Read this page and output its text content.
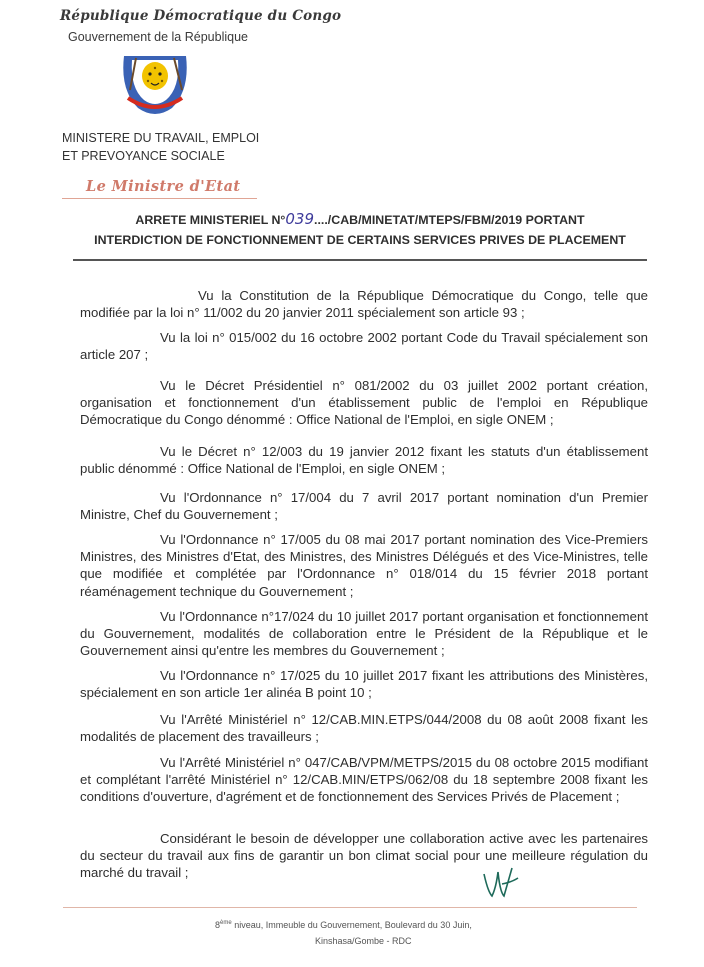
République Démocratique du Congo
Gouvernement de la République
MINISTERE DU TRAVAIL, EMPLOI
ET PREVOYANCE SOCIALE
Le Ministre d'Etat
ARRETE MINISTERIEL N°039..../CAB/MINETAT/MTEPS/FBM/2019 PORTANT
INTERDICTION DE FONCTIONNEMENT DE CERTAINS SERVICES PRIVES DE PLACEMENT
Vu la Constitution de la République Démocratique du Congo, telle que modifiée par la loi n° 11/002 du 20 janvier 2011 spécialement son article 93 ;
Vu la loi n° 015/002 du 16 octobre 2002 portant Code du Travail spécialement son article 207 ;
Vu le Décret Présidentiel n° 081/2002 du 03 juillet 2002 portant création, organisation et fonctionnement d'un établissement public de l'emploi en République Démocratique du Congo dénommé : Office National de l'Emploi, en sigle ONEM ;
Vu le Décret n° 12/003 du 19 janvier 2012 fixant les statuts d'un établissement public dénommé : Office National de l'Emploi, en sigle ONEM ;
Vu l'Ordonnance n° 17/004 du 7 avril 2017 portant nomination d'un Premier Ministre, Chef du Gouvernement ;
Vu l'Ordonnance n° 17/005 du 08 mai 2017 portant nomination des Vice-Premiers Ministres, des Ministres d'Etat, des Ministres, des Ministres Délégués et des Vice-Ministres, telle que modifiée et complétée par l'Ordonnance n° 018/014 du 15 février 2018 portant réaménagement technique du Gouvernement ;
Vu l'Ordonnance n°17/024 du 10 juillet 2017 portant organisation et fonctionnement du Gouvernement, modalités de collaboration entre le Président de la République et le Gouvernement ainsi qu'entre les membres du Gouvernement ;
Vu l'Ordonnance n° 17/025 du 10 juillet 2017 fixant les attributions des Ministères, spécialement en son article 1er alinéa B point 10 ;
Vu l'Arrêté Ministériel n° 12/CAB.MIN.ETPS/044/2008 du 08 août 2008 fixant les modalités de placement des travailleurs ;
Vu l'Arrêté Ministériel n° 047/CAB/VPM/METPS/2015 du 08 octobre 2015 modifiant et complétant l'arrêté Ministériel n° 12/CAB.MIN/ETPS/062/08 du 18 septembre 2008 fixant les conditions d'ouverture, d'agrément et de fonctionnement des Services Privés de Placement ;
Considérant le besoin de développer une collaboration active avec les partenaires du secteur du travail aux fins de garantir un bon climat social pour une meilleure régulation du marché du travail ;
8ème niveau, Immeuble du Gouvernement, Boulevard du 30 Juin,
Kinshasa/Gombe - RDC
